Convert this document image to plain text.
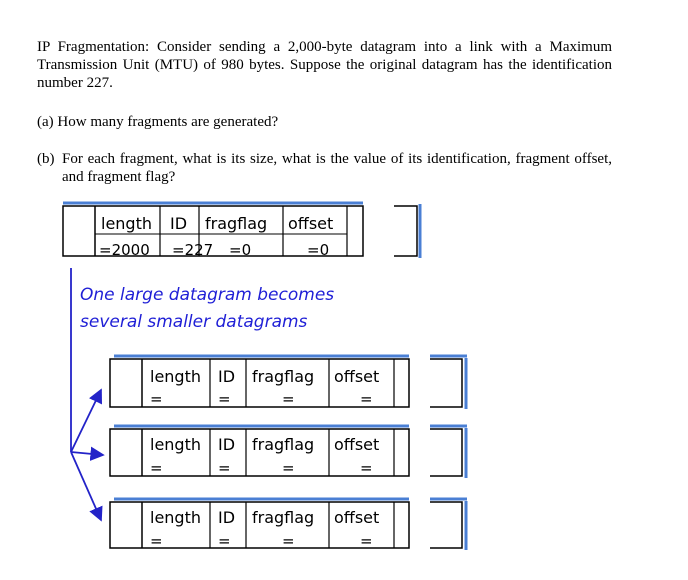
IP Fragmentation: Consider sending a 2,000-byte datagram into a link with a Maximum Transmission Unit (MTU) of 980 bytes. Suppose the original datagram has the identification number 227.
(a) How many fragments are generated?
(b) For each fragment, what is its size, what is the value of its identification, fragment offset, and fragment flag?
length ID fragflag offset
=2000 =227 =0	=0
length ID fragflag offset
=	=	=	=
length ID fragflag offset
=	=	=	=
length ID fragflag offset
=	=	=	=
One large datagram becomes
several smaller datagrams
